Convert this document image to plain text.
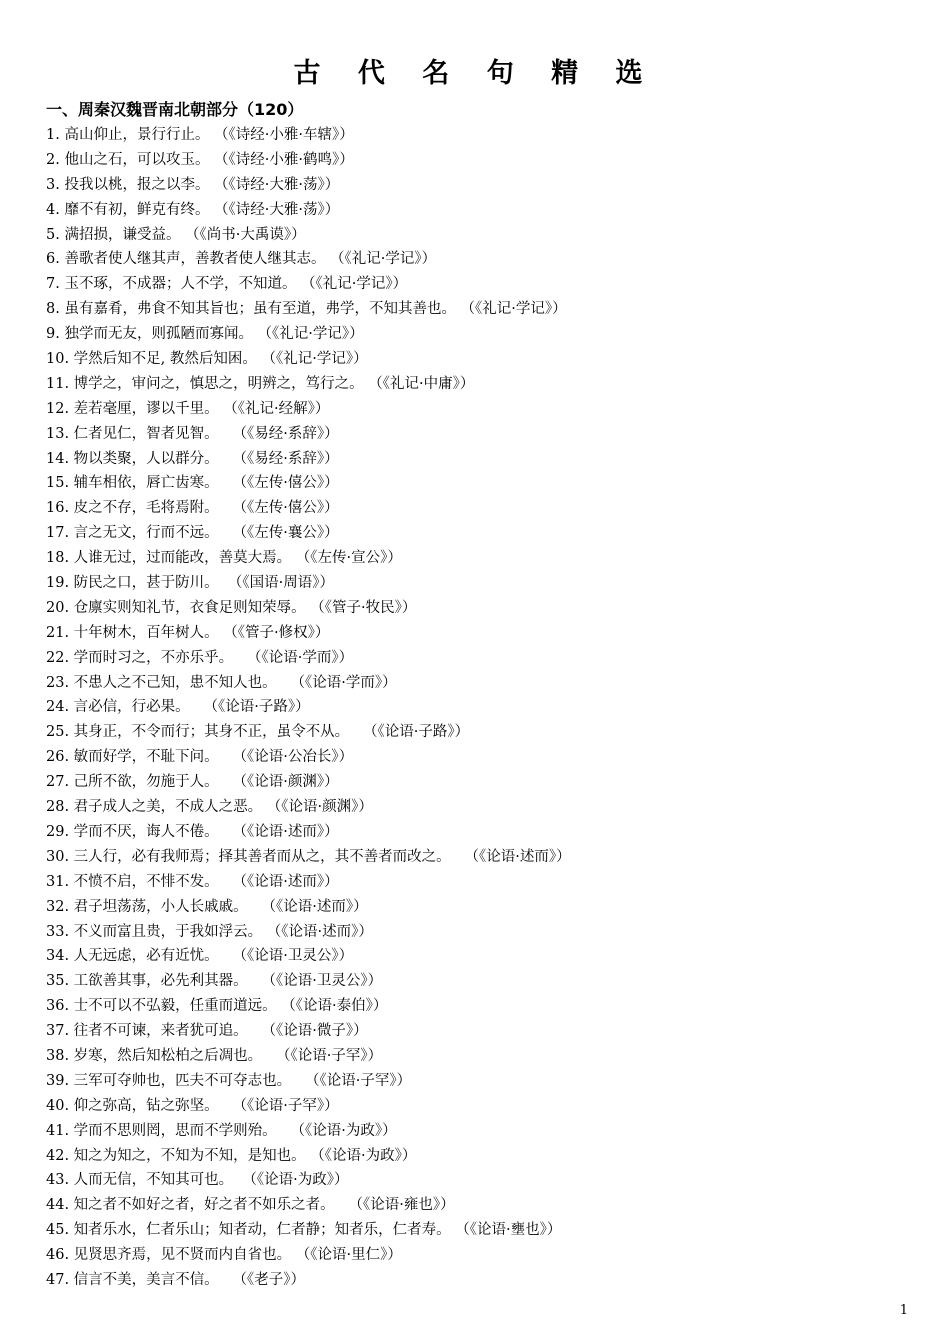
古 代 名 句 精 选
一、周秦汉魏晋南北朝部分（120）
1. 高山仰止，景行行止。 （《诗经·小雅·车辖》）
2. 他山之石，可以攻玉。 （《诗经·小雅·鹤鸣》）
3. 投我以桃，报之以李。 （《诗经·大雅·荡》）
4. 靡不有初，鲜克有终。 （《诗经·大雅·荡》）
5. 满招损，谦受益。 （《尚书·大禹谟》）
6. 善歌者使人继其声，善教者使人继其志。 （《礼记·学记》）
7. 玉不琢，不成器；人不学，不知道。 （《礼记·学记》）
8. 虽有嘉肴，弗食不知其旨也；虽有至道，弗学，不知其善也。 （《礼记·学记》）
9. 独学而无友，则孤陋而寡闻。 （《礼记·学记》）
10. 学然后知不足, 教然后知困。 （《礼记·学记》）
11. 博学之，审问之，慎思之，明辨之，笃行之。 （《礼记·中庸》）
12. 差若毫厘，谬以千里。 （《礼记·经解》）
13. 仁者见仁，智者见智。   （《易经·系辞》）
14. 物以类聚，人以群分。   （《易经·系辞》）
15. 辅车相依，唇亡齿寒。   （《左传·僖公》）
16. 皮之不存，毛将焉附。   （《左传·僖公》）
17. 言之无文，行而不远。   （《左传·襄公》）
18. 人谁无过，过而能改，善莫大焉。 （《左传·宣公》）
19. 防民之口，甚于防川。  （《国语·周语》）
20. 仓廪实则知礼节，衣食足则知荣辱。 （《管子·牧民》）
21. 十年树木，百年树人。 （《管子·修权》）
22. 学而时习之，不亦乐乎。   （《论语·学而》）
23. 不患人之不己知，患不知人也。   （《论语·学而》）
24. 言必信，行必果。   （《论语·子路》）
25. 其身正，不令而行；其身不正，虽令不从。   （《论语·子路》）
26. 敏而好学，不耻下问。   （《论语·公冶长》）
27. 己所不欲，勿施于人。   （《论语·颜渊》）
28. 君子成人之美，不成人之恶。 （《论语·颜渊》）
29. 学而不厌，诲人不倦。   （《论语·述而》）
30. 三人行，必有我师焉；择其善者而从之，其不善者而改之。   （《论语·述而》）
31. 不愤不启，不悱不发。   （《论语·述而》）
32. 君子坦荡荡，小人长戚戚。   （《论语·述而》）
33. 不义而富且贵，于我如浮云。 （《论语·述而》）
34. 人无远虑，必有近忧。   （《论语·卫灵公》）
35. 工欲善其事，必先利其器。   （《论语·卫灵公》）
36. 士不可以不弘毅，任重而道远。 （《论语·泰伯》）
37. 往者不可谏，来者犹可追。   （《论语·微子》）
38. 岁寒，然后知松柏之后凋也。   （《论语·子罕》）
39. 三军可夺帅也，匹夫不可夺志也。   （《论语·子罕》）
40. 仰之弥高，钻之弥坚。   （《论语·子罕》）
41. 学而不思则罔，思而不学则殆。   （《论语·为政》）
42. 知之为知之，不知为不知，是知也。 （《论语·为政》）
43. 人而无信，不知其可也。  （《论语·为政》）
44. 知之者不如好之者，好之者不如乐之者。   （《论语·雍也》）
45. 知者乐水，仁者乐山；知者动，仁者静；知者乐，仁者寿。 （《论语·壅也》）
46. 见贤思齐焉，见不贤而内自省也。 （《论语·里仁》）
47. 信言不美，美言不信。   （《老子》）
1
